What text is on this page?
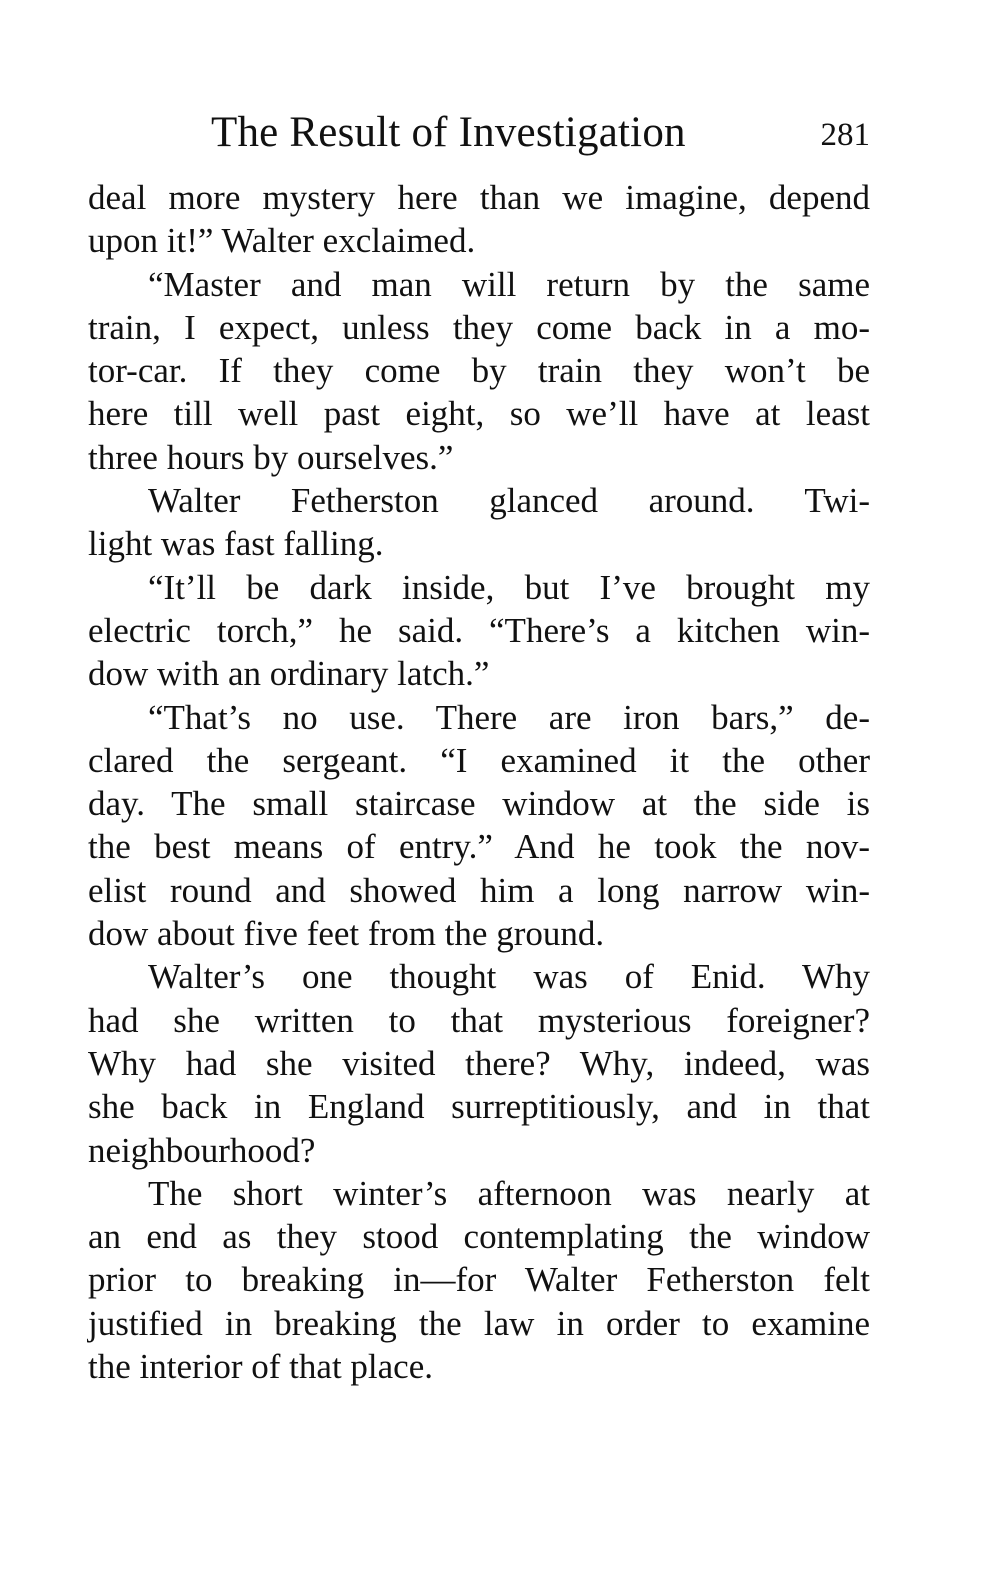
The Result of Investigation	281
deal more mystery here than we imagine, depend
upon it!” Walter exclaimed.
“Master and man will return by the same
train, I expect, unless they come back in a mo-
tor-car. If they come by train they won’t be
here till well past eight, so we’ll have at least
three hours by ourselves.”
Walter Fetherston glanced around. Twi-
light was fast falling.
“It’ll be dark inside, but I’ve brought my
electric torch,” he said. “There’s a kitchen win-
dow with an ordinary latch.”
“That’s no use. There are iron bars,” de-
clared the sergeant. “I examined it the other
day. The small staircase window at the side is
the best means of entry.” And he took the nov-
elist round and showed him a long narrow win-
dow about five feet from the ground.
Walter’s one thought was of Enid. Why
had she written to that mysterious foreigner?
Why had she visited there? Why, indeed, was
she back in England surreptitiously, and in that
neighbourhood?
The short winter’s afternoon was nearly at
an end as they stood contemplating the window
prior to breaking in—for Walter Fetherston felt
justified in breaking the law in order to examine
the interior of that place.
